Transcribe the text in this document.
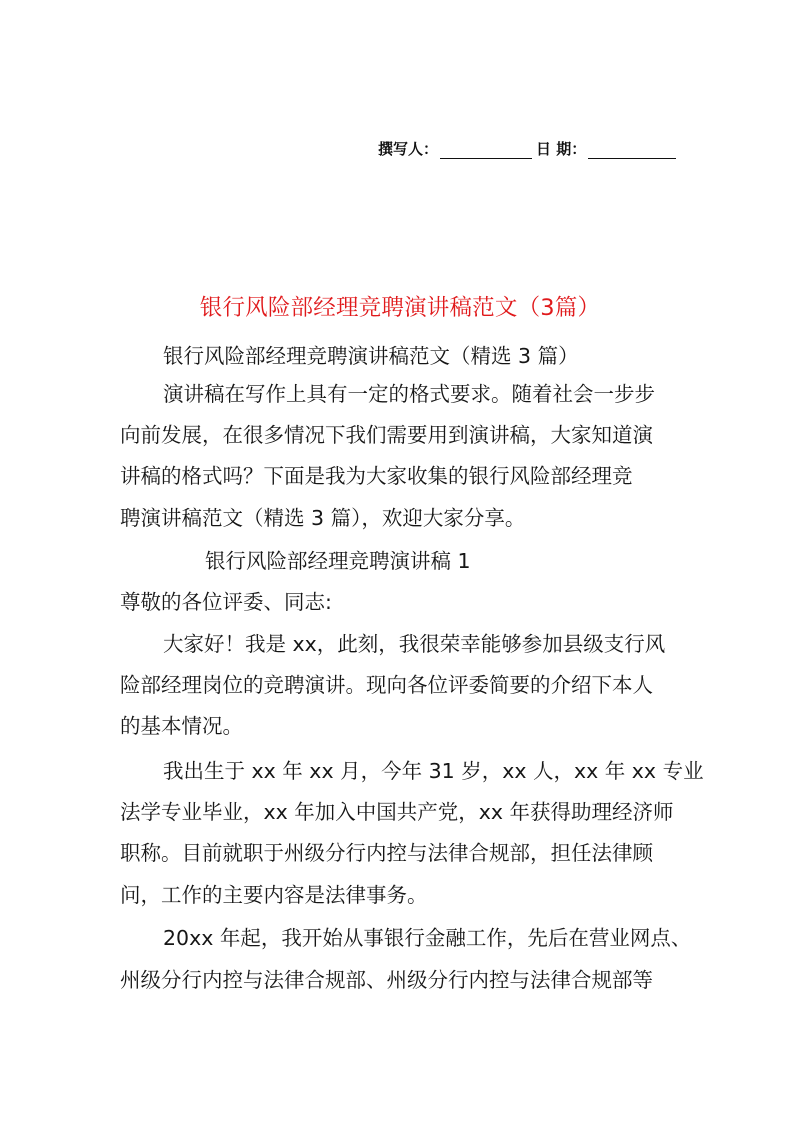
撰写人：	日 期：
银行风险部经理竞聘演讲稿范文（3篇）
银行风险部经理竞聘演讲稿范文（精选 3 篇）
演讲稿在写作上具有一定的格式要求。随着社会一步步
向前发展，在很多情况下我们需要用到演讲稿，大家知道演
讲稿的格式吗？下面是我为大家收集的银行风险部经理竞
聘演讲稿范文（精选 3 篇），欢迎大家分享。
银行风险部经理竞聘演讲稿 1
尊敬的各位评委、同志:
大家好！我是 xx，此刻，我很荣幸能够参加县级支行风
险部经理岗位的竞聘演讲。现向各位评委简要的介绍下本人
的基本情况。
我出生于 xx 年 xx 月，今年 31 岁，xx 人，xx 年 xx 专业
法学专业毕业，xx 年加入中国共产党，xx 年获得助理经济师
职称。目前就职于州级分行内控与法律合规部，担任法律顾
问，工作的主要内容是法律事务。
20xx 年起，我开始从事银行金融工作，先后在营业网点、
州级分行内控与法律合规部、州级分行内控与法律合规部等
